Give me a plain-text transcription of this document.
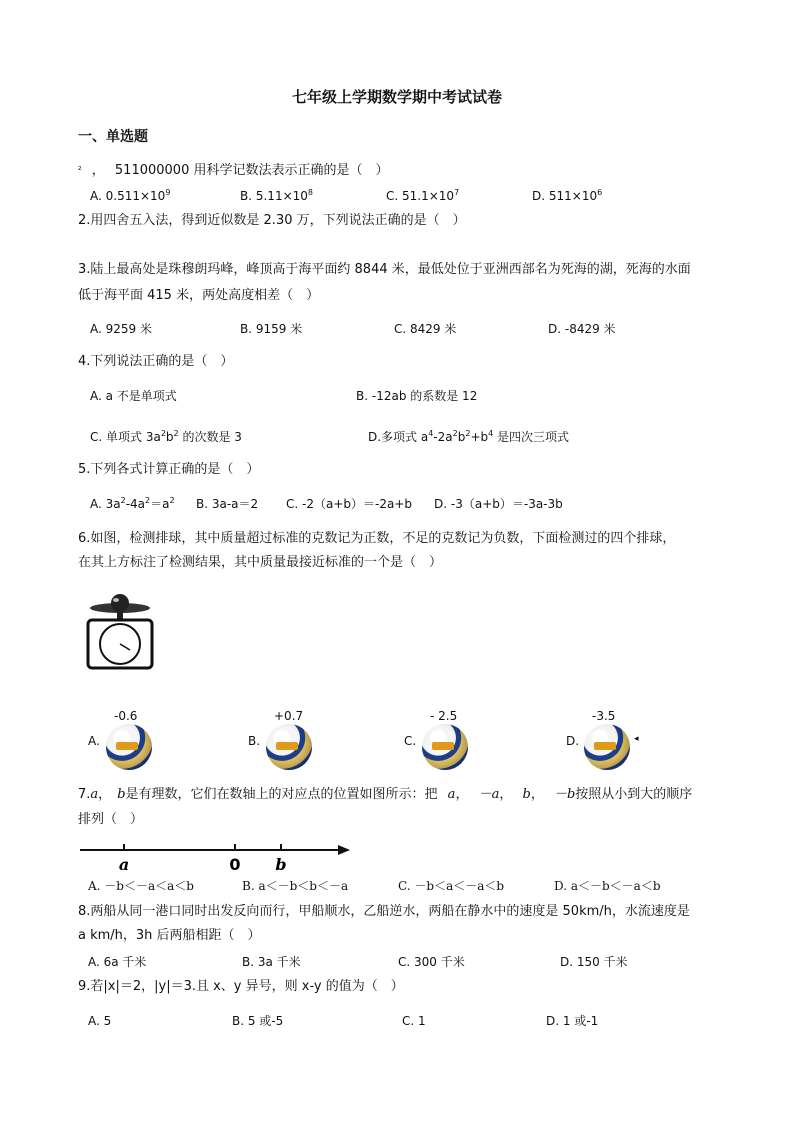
七年级上学期数学期中考试试卷
一、单选题
$^{^2}$ ， 511000000 用科学记数法表示正确的是（　）
A. $0.511\times 10^9$	B. $5.11\times 10^8$	C. $51.1\times 10^7$	D. $511\times 10^6$
2.用四舍五入法，得到近似数是 2.30 万，下列说法正确的是（　）
3.陆上最高处是珠穆朗玛峰，峰顶高于海平面约 8844 米，最低处位于亚洲西部名为死海的湖，死海的水面
低于海平面 415 米，两处高度相差（　）
A. 9259 米	B. 9159 米	C. 8429 米	D. -8429 米
4.下列说法正确的是（　）
A. a 不是单项式	B. -12ab 的系数是 12
C. 单项式 $3a^2b^2$ 的次数是 3	D.多项式 $a^4-2a^2b^2+b^4$ 是四次三项式
5.下列各式计算正确的是（　）
A. $3a^2-4a^2=a^2$ B. 3a-a＝2 C. -2（a+b）＝-2a+b D. -3（a+b）＝-3a-3b
6.如图，检测排球，其中质量超过标准的克数记为正数，不足的克数记为负数，下面检测过的四个排球，
在其上方标注了检测结果，其中质量最接近标准的一个是（　）
A.
-0.6
B.
+0.7
C.
- 2.5
D.
-3.5
◂
7.a， b是有理数，它们在数轴上的对应点的位置如图所示：把 a， －a， b， －b按照从小到大的顺序
排列（　）
a	0 b
A. －b＜－a＜a＜b	B. a＜－b＜b＜－a	C. －b＜a＜－a＜b	D. a＜－b＜－a＜b
8.两船从同一港口同时出发反向而行，甲船顺水，乙船逆水，两船在静水中的速度是 50km/h，水流速度是
a km/h，3h 后两船相距（　）
A. 6a 千米	B. 3a 千米	C. 300 千米	D. 150 千米
9.若|x|＝2，|y|＝3.且 x、y 异号，则 x-y 的值为（　）
A. 5	B. 5 或-5	C. 1	D. 1 或-1
